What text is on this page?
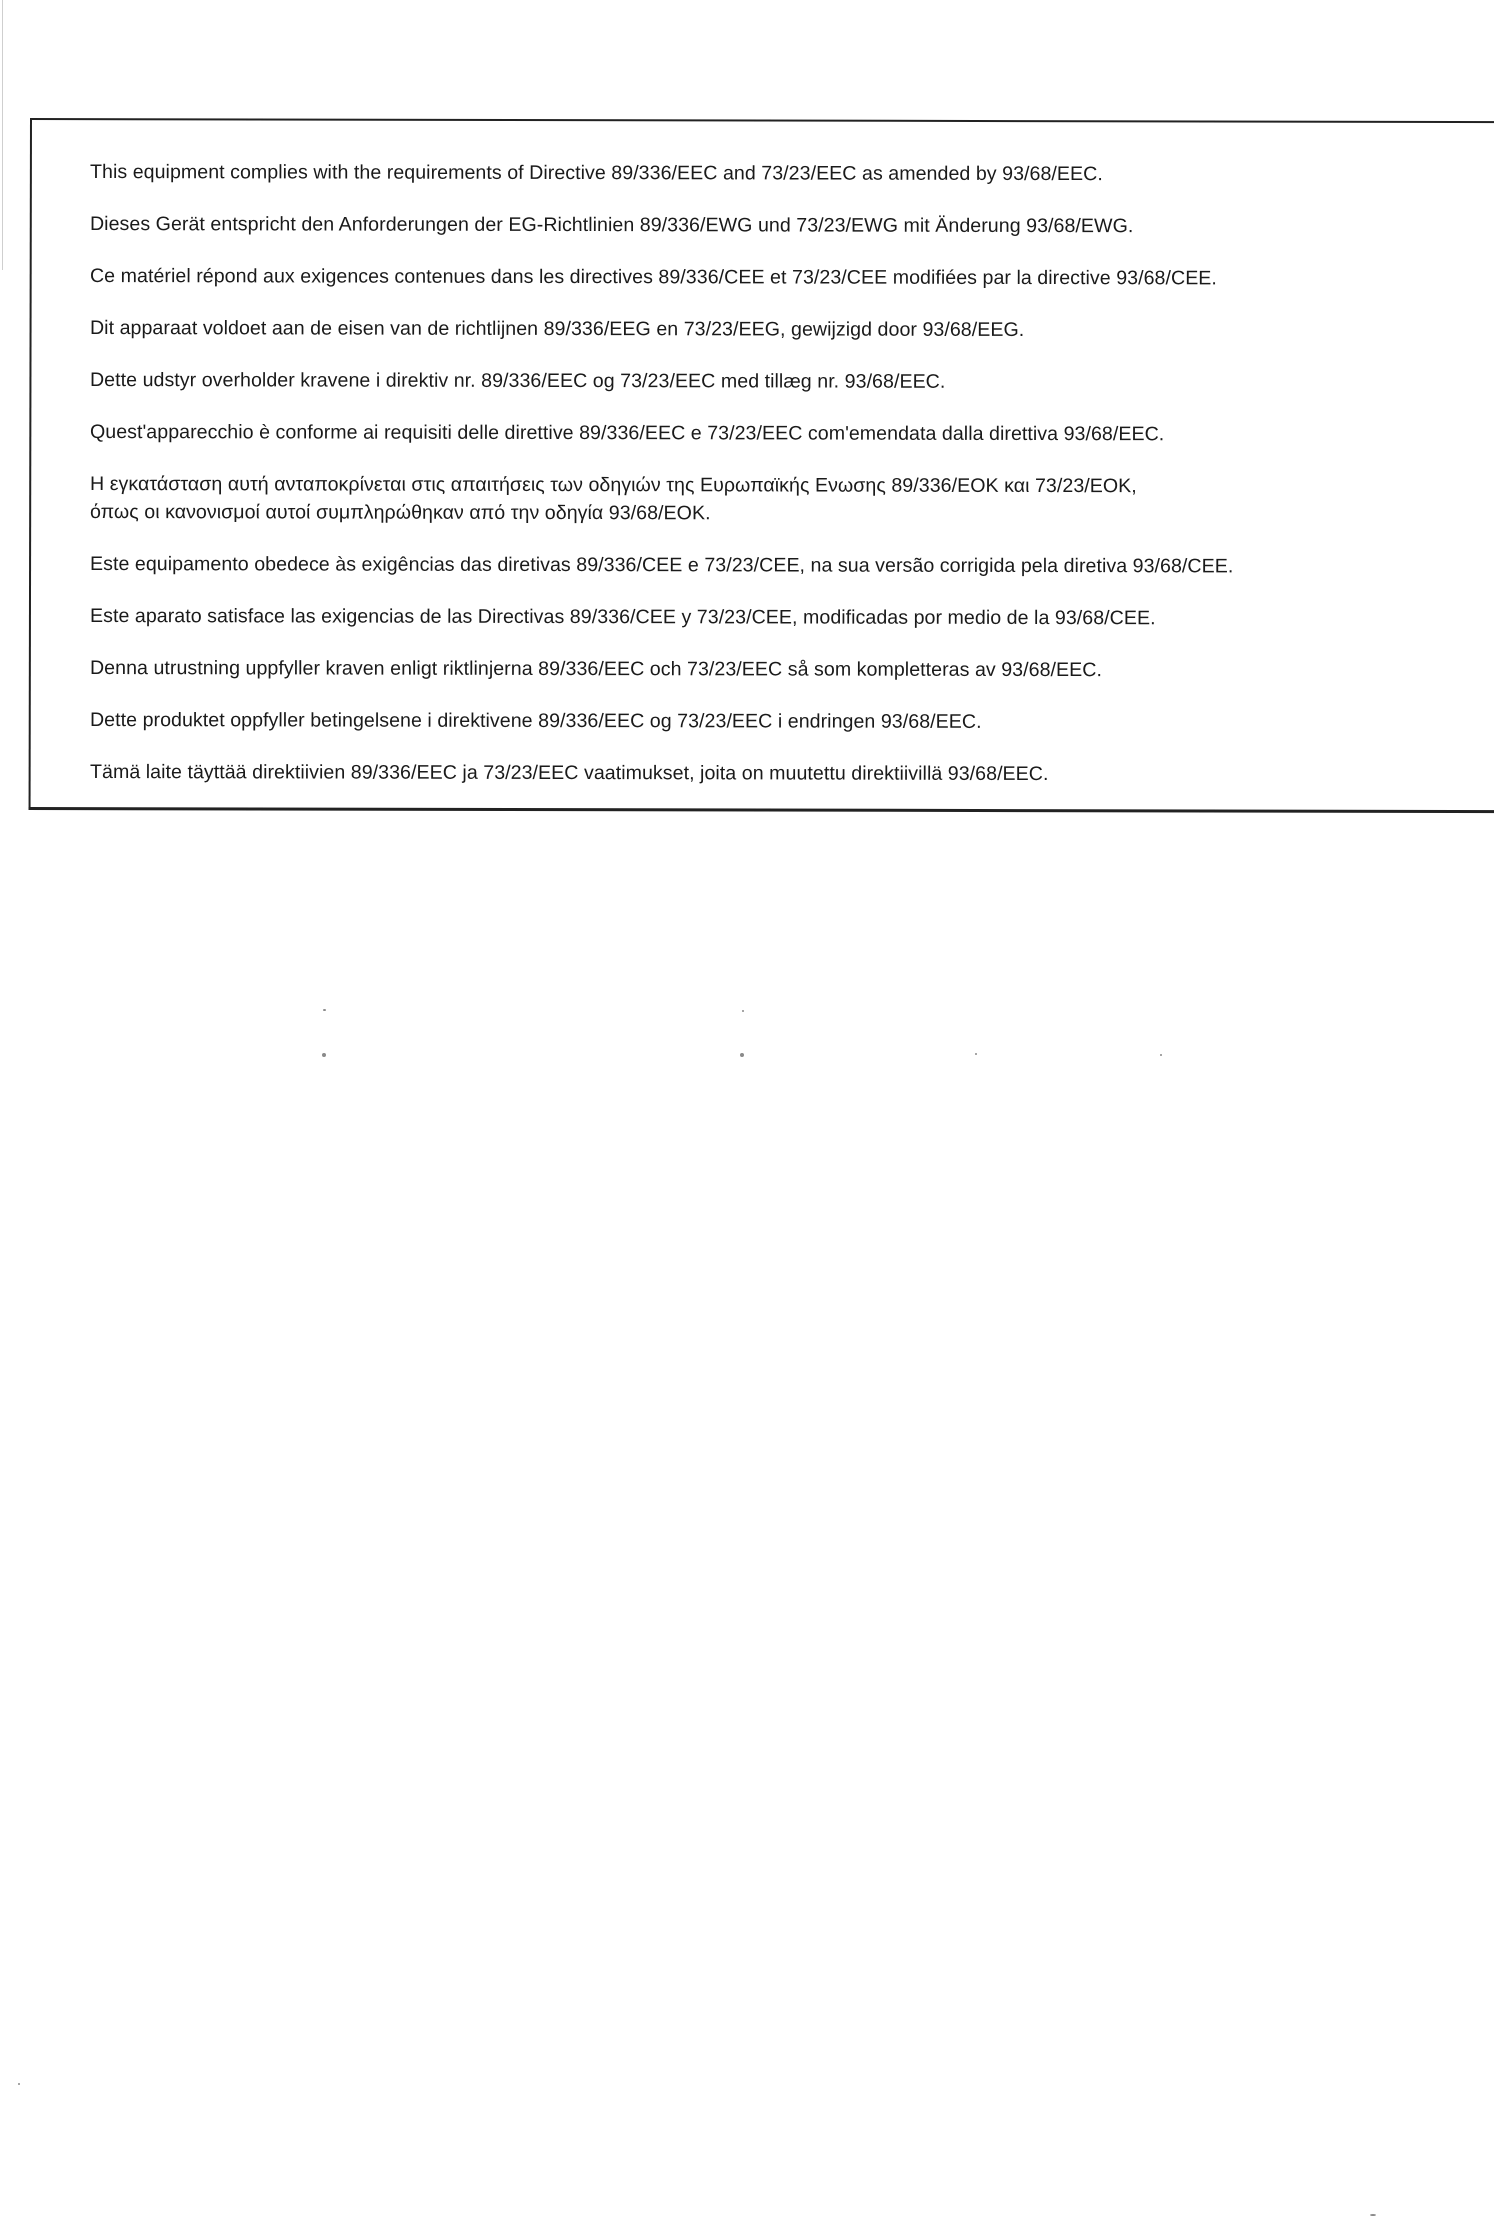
This equipment complies with the requirements of Directive 89/336/EEC and 73/23/EEC as amended by 93/68/EEC.

Dieses Gerät entspricht den Anforderungen der EG-Richtlinien 89/336/EWG und 73/23/EWG mit Änderung 93/68/EWG.

Ce matériel répond aux exigences contenues dans les directives 89/336/CEE et 73/23/CEE modifiées par la directive 93/68/CEE.

Dit apparaat voldoet aan de eisen van de richtlijnen 89/336/EEG en 73/23/EEG, gewijzigd door 93/68/EEG.

Dette udstyr overholder kravene i direktiv nr. 89/336/EEC og 73/23/EEC med tillæg nr. 93/68/EEC.

Quest'apparecchio è conforme ai requisiti delle direttive 89/336/EEC e 73/23/EEC com'emendata dalla direttiva 93/68/EEC.

Η εγκατάσταση αυτή ανταποκρίνεται στις απαιτήσεις των οδηγιών της Ευρωπαϊκής Ενωσης 89/336/ΕΟΚ και 73/23/ΕΟΚ,
όπως οι κανονισμοί αυτοί συμπληρώθηκαν από την οδηγία 93/68/ΕΟΚ.

Este equipamento obedece às exigências das diretivas 89/336/CEE e 73/23/CEE, na sua versão corrigida pela diretiva 93/68/CEE.

Este aparato satisface las exigencias de las Directivas 89/336/CEE y 73/23/CEE, modificadas por medio de la 93/68/CEE.

Denna utrustning uppfyller kraven enligt riktlinjerna 89/336/EEC och 73/23/EEC så som kompletteras av 93/68/EEC.

Dette produktet oppfyller betingelsene i direktivene 89/336/EEC og 73/23/EEC i endringen 93/68/EEC.

Tämä laite täyttää direktiivien 89/336/EEC ja 73/23/EEC vaatimukset, joita on muutettu direktiivillä 93/68/EEC.
